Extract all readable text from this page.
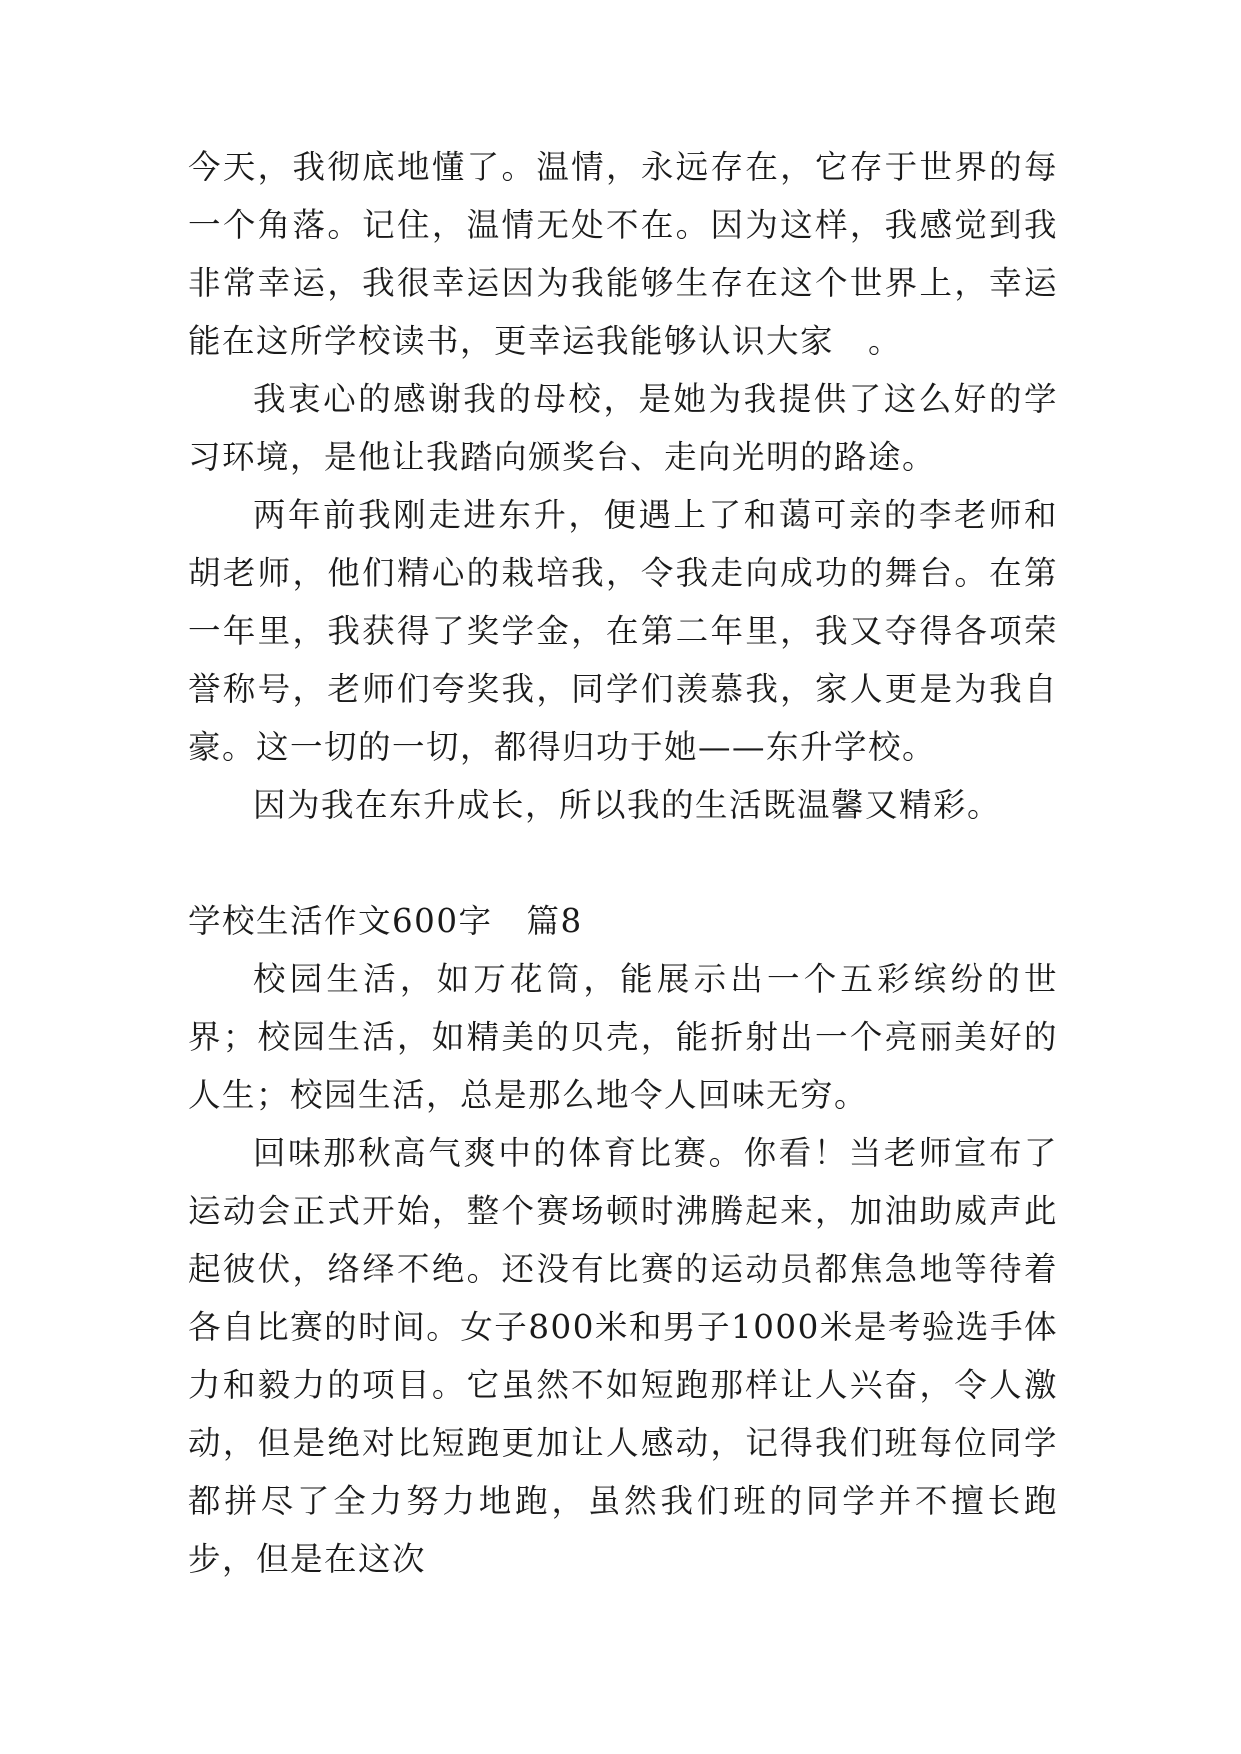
今天，我彻底地懂了。温情，永远存在，它存于世界的每一个角落。记住，温情无处不在。因为这样，我感觉到我非常幸运，我很幸运因为我能够生存在这个世界上，幸运能在这所学校读书，更幸运我能够认识大家　。

我衷心的感谢我的母校，是她为我提供了这么好的学习环境，是他让我踏向颁奖台、走向光明的路途。

两年前我刚走进东升，便遇上了和蔼可亲的李老师和胡老师，他们精心的栽培我，令我走向成功的舞台。在第一年里，我获得了奖学金，在第二年里，我又夺得各项荣誉称号，老师们夸奖我，同学们羡慕我，家人更是为我自豪。这一切的一切，都得归功于她——东升学校。

因为我在东升成长，所以我的生活既温馨又精彩。

学校生活作文600字　篇8

校园生活，如万花筒，能展示出一个五彩缤纷的世界；校园生活，如精美的贝壳，能折射出一个亮丽美好的人生；校园生活，总是那么地令人回味无穷。

回味那秋高气爽中的体育比赛。你看！当老师宣布了运动会正式开始，整个赛场顿时沸腾起来，加油助威声此起彼伏，络绎不绝。还没有比赛的运动员都焦急地等待着各自比赛的时间。女子800米和男子1000米是考验选手体力和毅力的项目。它虽然不如短跑那样让人兴奋，令人激动，但是绝对比短跑更加让人感动，记得我们班每位同学都拼尽了全力努力地跑，虽然我们班的同学并不擅长跑步，但是在这次
